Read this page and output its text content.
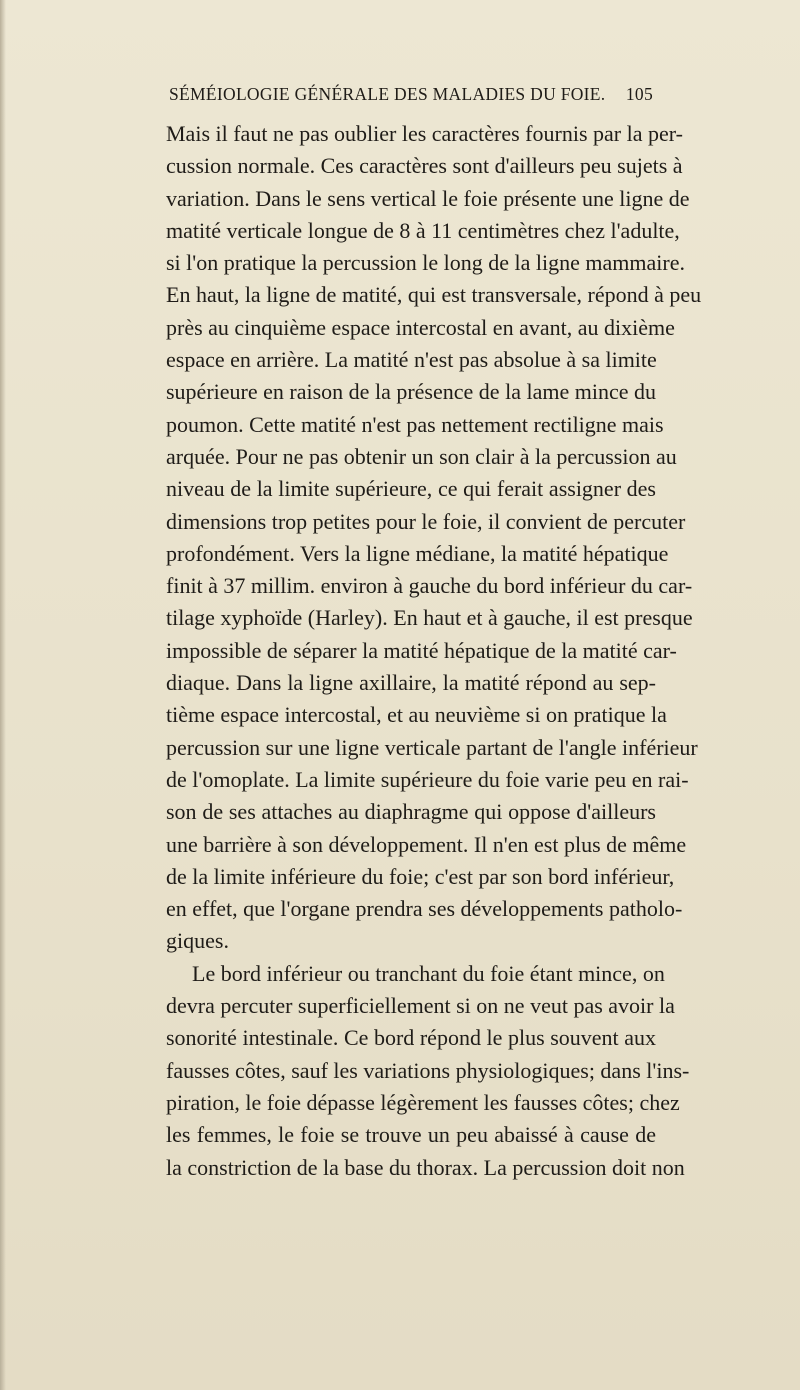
SÉMÉIOLOGIE GÉNÉRALE DES MALADIES DU FOIE. 105
Mais il faut ne pas oublier les caractères fournis par la per-
cussion normale. Ces caractères sont d'ailleurs peu sujets à
variation. Dans le sens vertical le foie présente une ligne de
matité verticale longue de 8 à 11 centimètres chez l'adulte,
si l'on pratique la percussion le long de la ligne mammaire.
En haut, la ligne de matité, qui est transversale, répond à peu
près au cinquième espace intercostal en avant, au dixième
espace en arrière. La matité n'est pas absolue à sa limite
supérieure en raison de la présence de la lame mince du
poumon. Cette matité n'est pas nettement rectiligne mais
arquée. Pour ne pas obtenir un son clair à la percussion au
niveau de la limite supérieure, ce qui ferait assigner des
dimensions trop petites pour le foie, il convient de percuter
profondément. Vers la ligne médiane, la matité hépatique
finit à 37 millim. environ à gauche du bord inférieur du car-
tilage xyphoïde (Harley). En haut et à gauche, il est presque
impossible de séparer la matité hépatique de la matité car-
diaque. Dans la ligne axillaire, la matité répond au sep-
tième espace intercostal, et au neuvième si on pratique la
percussion sur une ligne verticale partant de l'angle inférieur
de l'omoplate. La limite supérieure du foie varie peu en rai-
son de ses attaches au diaphragme qui oppose d'ailleurs
une barrière à son développement. Il n'en est plus de même
de la limite inférieure du foie; c'est par son bord inférieur,
en effet, que l'organe prendra ses développements patholo-
giques.
Le bord inférieur ou tranchant du foie étant mince, on
devra percuter superficiellement si on ne veut pas avoir la
sonorité intestinale. Ce bord répond le plus souvent aux
fausses côtes, sauf les variations physiologiques; dans l'ins-
piration, le foie dépasse légèrement les fausses côtes; chez
les femmes, le foie se trouve un peu abaissé à cause de
la constriction de la base du thorax. La percussion doit non
